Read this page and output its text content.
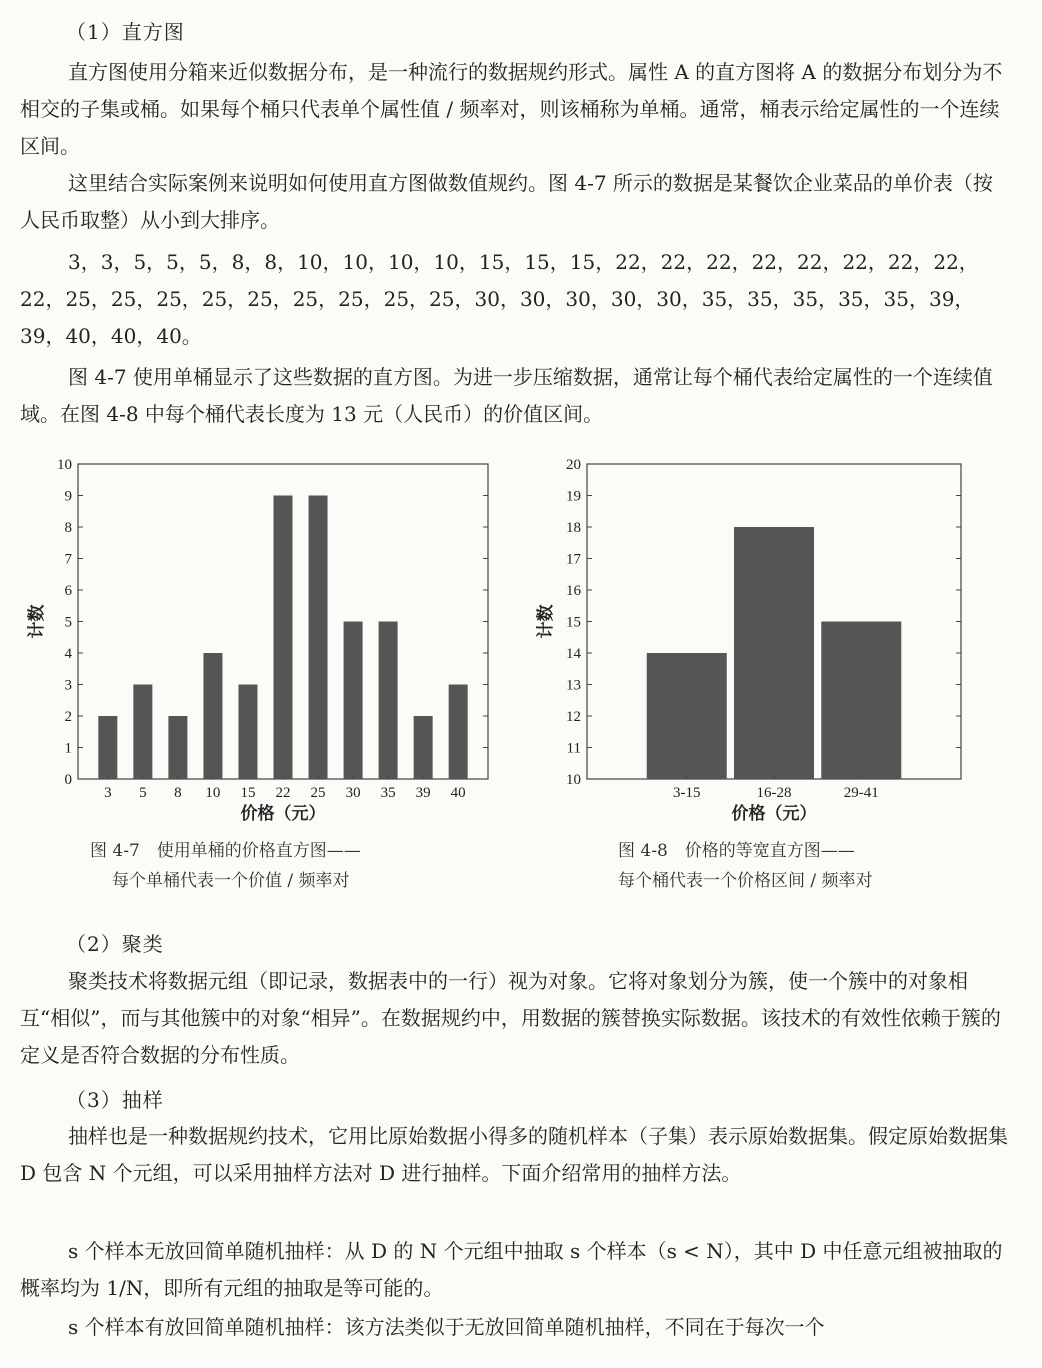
（1）直方图

直方图使用分箱来近似数据分布，是一种流行的数据规约形式。属性 A 的直方图将 A 的数据分布划分为不相交的子集或桶。如果每个桶只代表单个属性值 / 频率对，则该桶称为单桶。通常，桶表示给定属性的一个连续区间。

这里结合实际案例来说明如何使用直方图做数值规约。图 4-7 所示的数据是某餐饮企业菜品的单价表（按人民币取整）从小到大排序。

3，3，5，5，5，8，8，10，10，10，10，15，15，15，22，22，22，22，22，22，22，22，22，25，25，25，25，25，25，25，25，25，30，30，30，30，30，35，35，35，35，35，39，39，40，40，40。

图 4-7 使用单桶显示了这些数据的直方图。为进一步压缩数据，通常让每个桶代表给定属性的一个连续值域。在图 4-8 中每个桶代表长度为 13 元（人民币）的价值区间。

0
1
2
3
4
5
6
7
8
9
10
3 5 8 10 15 22 25 30 35 39 40
价格（元）
计数
图 4-7　使用单桶的价格直方图——
每个单桶代表一个价值 / 频率对
10
11
12
13
14
15
16
17
18
19
20
3-15	16-28	29-41
价格（元）
计数
图 4-8　价格的等宽直方图——
每个桶代表一个价格区间 / 频率对
（2）聚类

聚类技术将数据元组（即记录，数据表中的一行）视为对象。它将对象划分为簇，使一个簇中的对象相互“相似”，而与其他簇中的对象“相异”。在数据规约中，用数据的簇替换实际数据。该技术的有效性依赖于簇的定义是否符合数据的分布性质。

（3）抽样

抽样也是一种数据规约技术，它用比原始数据小得多的随机样本（子集）表示原始数据集。假定原始数据集 D 包含 N 个元组，可以采用抽样方法对 D 进行抽样。下面介绍常用的抽样方法。

s 个样本无放回简单随机抽样：从 D 的 N 个元组中抽取 s 个样本（s < N），其中 D 中任意元组被抽取的概率均为 1/N，即所有元组的抽取是等可能的。

s 个样本有放回简单随机抽样：该方法类似于无放回简单随机抽样，不同在于每次一个
